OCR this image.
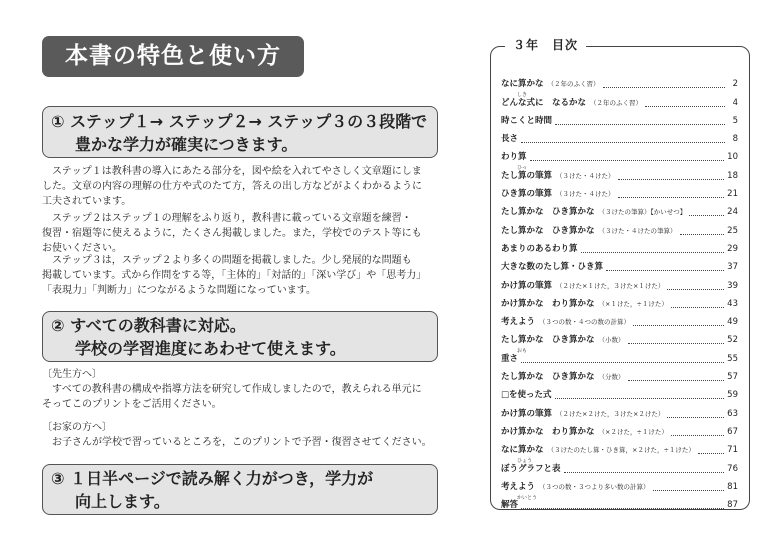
本書の特色と使い方
① ステップ１→ ステップ２→ ステップ３の３段階で
豊かな学力が確実につきます。
　ステップ１は教科書の導入にあたる部分を，図や絵を入れてやさしく文章題にしま
した。文章の内容の理解の仕方や式のたて方，答えの出し方などがよくわかるように
工夫されています。
　ステップ２はステップ１の理解をふり返り，教科書に載っている文章題を練習・
復習・宿題等に使えるように，たくさん掲載しました。また，学校でのテスト等にも
お使いください。
　ステップ３は，ステップ２より多くの問題を掲載しました。少し発展的な問題も
掲載しています。式から作問をする等，「主体的」「対話的」「深い学び」や「思考力」
「表現力」「判断力」につながるような問題になっています。
② すべての教科書に対応。
学校の学習進度にあわせて使えます。
〔先生方へ〕
　すべての教科書の構成や指導方法を研究して作成しましたので，教えられる単元に
そってこのプリントをご活用ください。
〔お家の方へ〕
　お子さんが学校で習っているところを，このプリントで予習・復習させてください。
③ １日半ページで読み解く力がつき，学力が
向上します。
３年　目次
なに算かな （２年のふく習）	2
しき
どんな式に　なるかな （２年のふく習）	4
時こくと時間	5
長さ	8
わり算	10
ひっ
たし算の筆算 （３けた・４けた）	18
ひき算の筆算 （３けた・４けた）	21
たし算かな　ひき算かな （３けたの筆算）【かいせつ】	24
たし算かな　ひき算かな （３けた・４けたの筆算）	25
あまりのあるわり算	29
大きな数のたし算・ひき算	37
かけ算の筆算 （２けた×１けた，３けた×１けた）	39
かけ算かな　わり算かな （×１けた，÷１けた）	43
考えよう （３つの数・４つの数の計算）	49
たし算かな　ひき算かな （小数）	52
おも
重さ	55
たし算かな　ひき算かな （分数）	57
□を使った式	59
かけ算の筆算 （２けた×２けた，３けた×２けた）	63
かけ算かな　わり算かな （×２けた，÷１けた）	67
なに算かな （３けたのたし算・ひき算，×２けた，÷１けた）	71
ひょう
ぼうグラフと表	76
考えよう （３つの数・３つより多い数の計算）	81
かいとう
解答	87
